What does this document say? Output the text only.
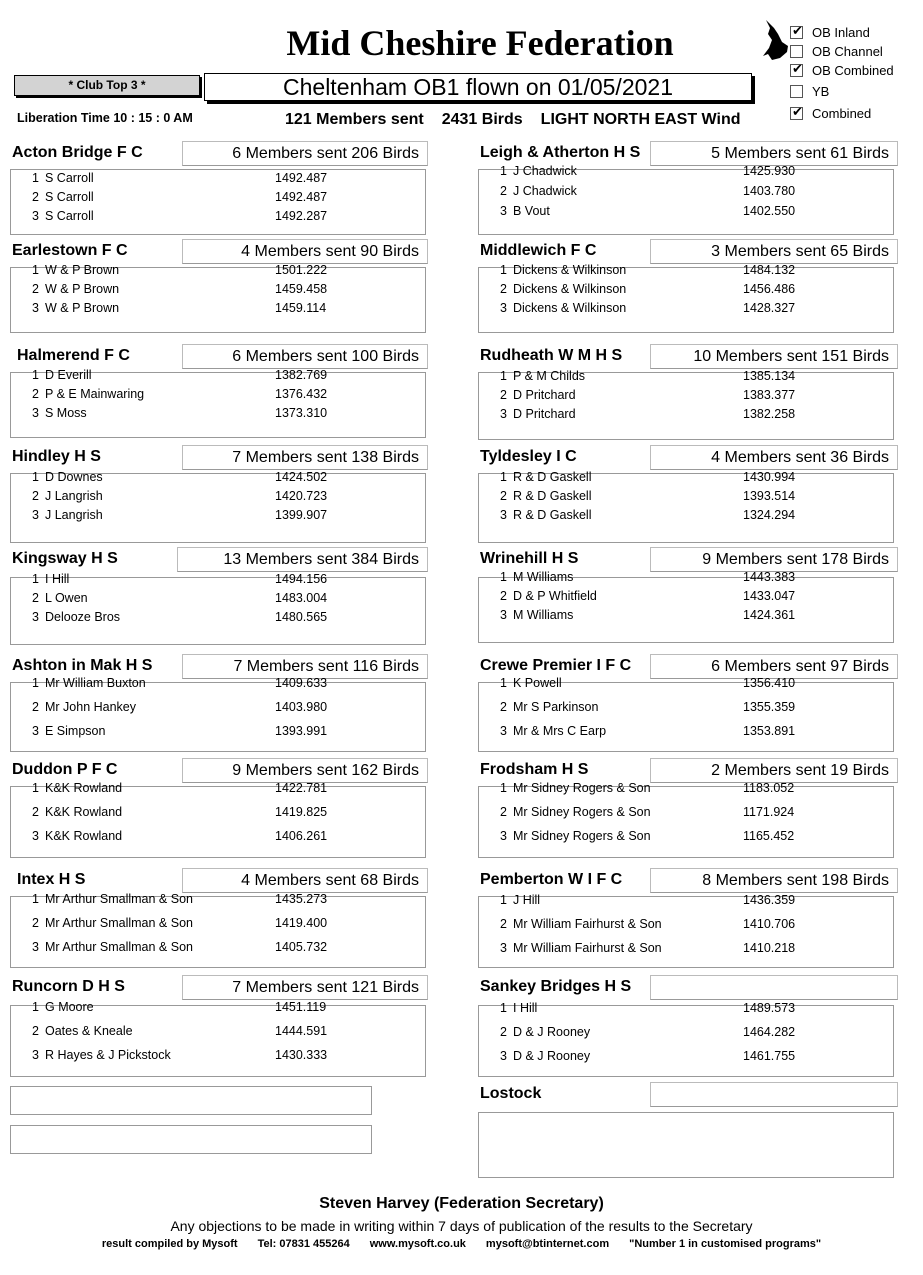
Mid Cheshire Federation
✔	OB Inland
OB Channel
✔
OB Combined
YB
✔
Combined
* Club Top 3 *	Cheltenham OB1 flown on 01/05/2021
Liberation Time 10 : 15 : 0 AM	121 Members sent 2431 Birds LIGHT NORTH EAST Wind
Acton Bridge F C	6 Members sent 206 Birds
1 S Carroll	1492.487
2 S Carroll	1492.487
3 S Carroll	1492.287
Leigh & Atherton H S	5 Members sent 61 Birds
1 J Chadwick	1425.930
2 J Chadwick	1403.780
3 B Vout	1402.550
Earlestown F C	4 Members sent 90 Birds
1 W & P Brown	1501.222
2 W & P Brown	1459.458
3 W & P Brown	1459.114
Middlewich F C	3 Members sent 65 Birds
1 Dickens & Wilkinson	1484.132
2 Dickens & Wilkinson	1456.486
3 Dickens & Wilkinson	1428.327
Halmerend F C	6 Members sent 100 Birds
1 D Everill	1382.769
2 P & E Mainwaring	1376.432
3 S Moss	1373.310
Rudheath W M H S	10 Members sent 151 Birds
1 P & M Childs	1385.134
2 D Pritchard	1383.377
3 D Pritchard	1382.258
Hindley H S	7 Members sent 138 Birds
1 D Downes	1424.502
2 J Langrish	1420.723
3 J Langrish	1399.907
Tyldesley I C	4 Members sent 36 Birds
1 R & D Gaskell	1430.994
2 R & D Gaskell	1393.514
3 R & D Gaskell	1324.294
Kingsway H S	13 Members sent 384 Birds
1 I Hill	1494.156
2 L Owen	1483.004
3 Delooze Bros	1480.565
Wrinehill H S	9 Members sent 178 Birds
1 M Williams	1443.383
2 D & P Whitfield	1433.047
3 M Williams	1424.361
Ashton in Mak H S	7 Members sent 116 Birds
1 Mr William Buxton	1409.633
2 Mr John Hankey	1403.980
3 E Simpson	1393.991
Crewe Premier I F C	6 Members sent 97 Birds
1 K Powell	1356.410
2 Mr S Parkinson	1355.359
3 Mr & Mrs C Earp	1353.891
Duddon P F C	9 Members sent 162 Birds
1 K&K Rowland	1422.781
2 K&K Rowland	1419.825
3 K&K Rowland	1406.261
Frodsham H S	2 Members sent 19 Birds
1 Mr Sidney Rogers & Son	1183.052
2 Mr Sidney Rogers & Son	1171.924
3 Mr Sidney Rogers & Son	1165.452
Intex H S	4 Members sent 68 Birds
1 Mr Arthur Smallman & Son	1435.273
2 Mr Arthur Smallman & Son	1419.400
3 Mr Arthur Smallman & Son	1405.732
Pemberton W I F C	8 Members sent 198 Birds
1 J Hill	1436.359
2 Mr William Fairhurst & Son	1410.706
3 Mr William Fairhurst & Son	1410.218
Runcorn D H S	7 Members sent 121 Birds
1 G Moore	1451.119
2 Oates & Kneale	1444.591
3 R Hayes & J Pickstock	1430.333
Sankey Bridges H S
1 I Hill	1489.573
2 D & J Rooney	1464.282
3 D & J Rooney	1461.755
Lostock
Steven Harvey (Federation Secretary)
Any objections to be made in writing within 7 days of publication of the results to the Secretary
result compiled by Mysoft Tel: 07831 455264 www.mysoft.co.uk mysoft@btinternet.com "Number 1 in customised programs"
